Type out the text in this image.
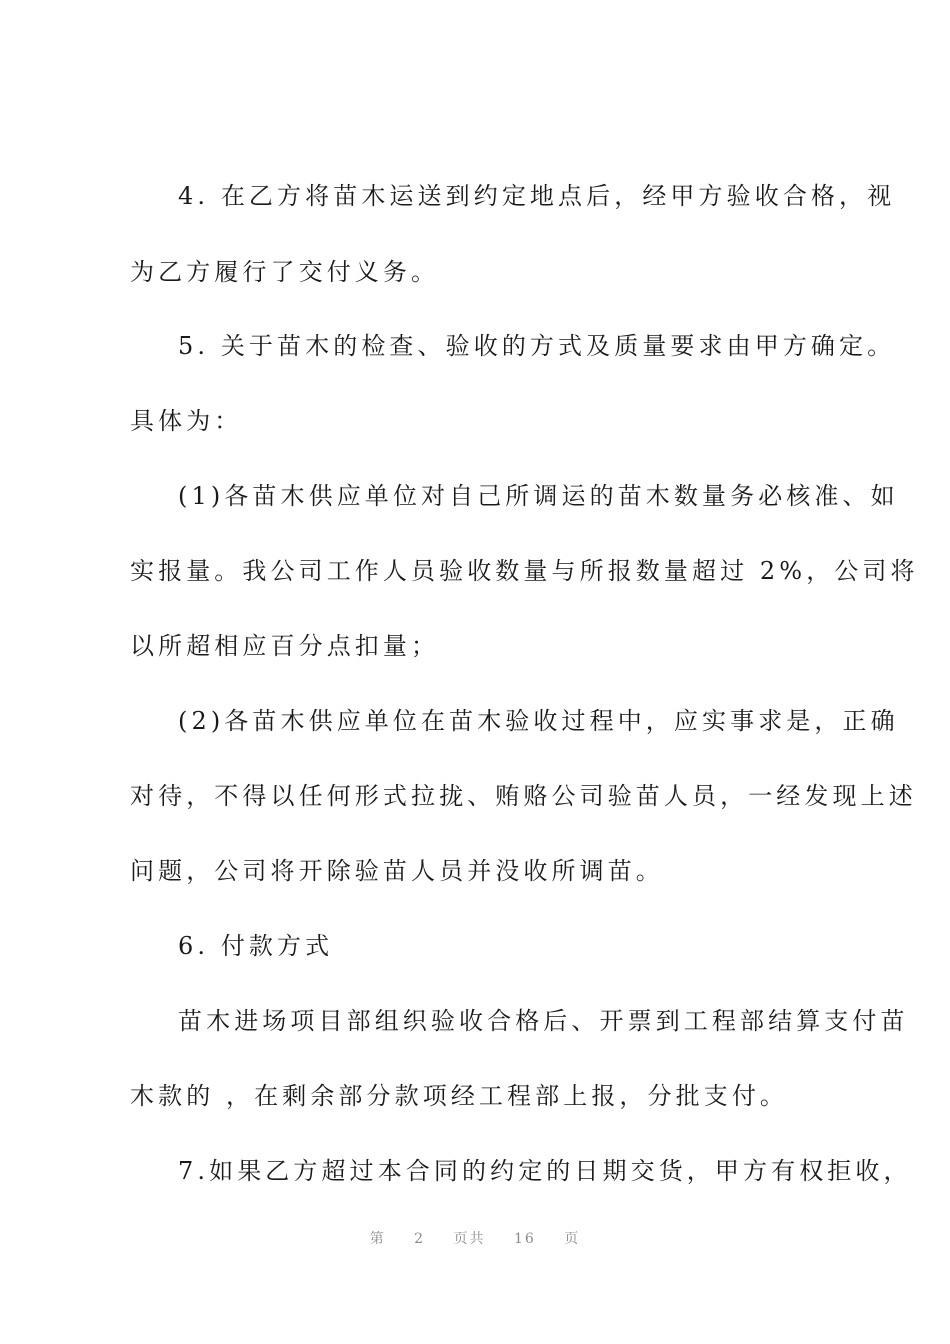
4. 在乙方将苗木运送到约定地点后，经甲方验收合格，视
为乙方履行了交付义务。
5. 关于苗木的检查、验收的方式及质量要求由甲方确定。
具体为：
(1)各苗木供应单位对自己所调运的苗木数量务必核准、如
实报量。我公司工作人员验收数量与所报数量超过 2%，公司将
以所超相应百分点扣量；
(2)各苗木供应单位在苗木验收过程中，应实事求是，正确
对待，不得以任何形式拉拢、贿赂公司验苗人员，一经发现上述
问题，公司将开除验苗人员并没收所调苗。
6. 付款方式
苗木进场项目部组织验收合格后、开票到工程部结算支付苗
木款的 ，在剩余部分款项经工程部上报，分批支付。
7.如果乙方超过本合同的约定的日期交货，甲方有权拒收，
第 2 页共 16 页
